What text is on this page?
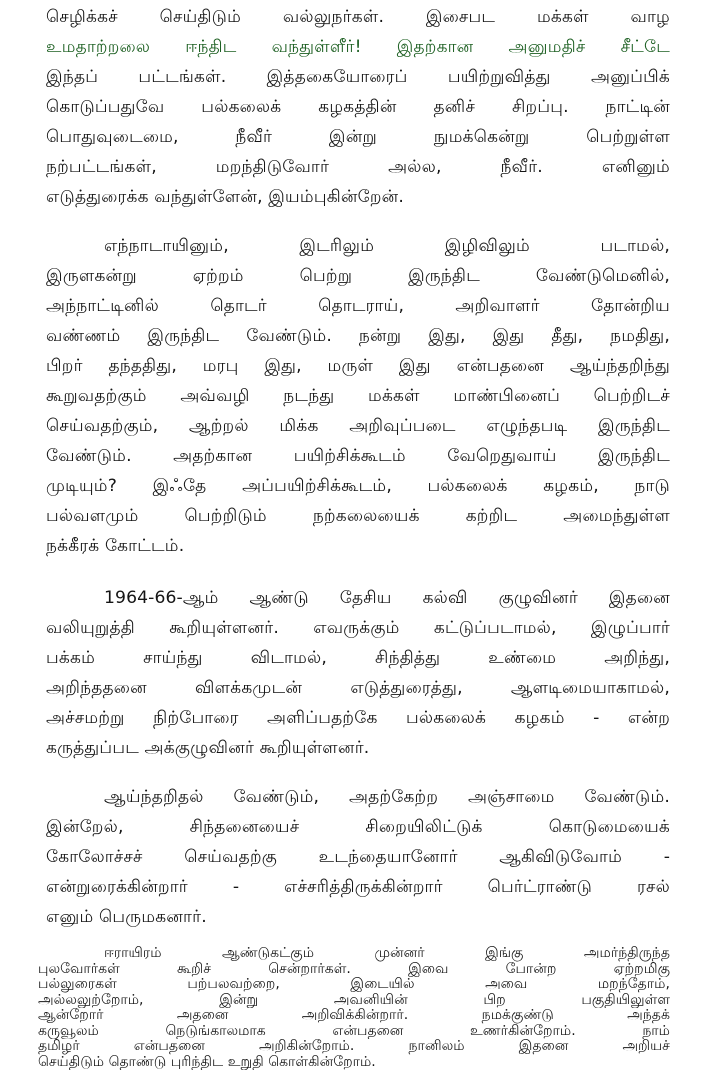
செழிக்கச் செய்திடும் வல்லுநர்கள். இசைபட மக்கள் வாழ
உமதாற்றலை ஈந்திட வந்துள்ளீர்! இதற்கான அனுமதிச் சீட்டே
இந்தப் பட்டங்கள். இத்தகையோரைப் பயிற்றுவித்து அனுப்பிக்
கொடுப்பதுவே பல்கலைக் கழகத்தின் தனிச் சிறப்பு. நாட்டின்
பொதுவுடைமை, நீவீர் இன்று நுமக்கென்று பெற்றுள்ள
நற்பட்டங்கள், மறந்திடுவோர் அல்ல, நீவீர். எனினும்
எடுத்துரைக்க வந்துள்ளேன், இயம்புகின்றேன்.
எந்நாடாயினும், இடரிலும் இழிவிலும் படாமல்,
இருளகன்று ஏற்றம் பெற்று இருந்திட வேண்டுமெனில்,
அந்நாட்டினில் தொடர் தொடராய், அறிவாளர் தோன்றிய
வண்ணம் இருந்திட வேண்டும். நன்று இது, இது தீது, நமதிது,
பிறர் தந்ததிது, மரபு இது, மருள் இது என்பதனை ஆய்ந்தறிந்து
கூறுவதற்கும் அவ்வழி நடந்து மக்கள் மாண்பினைப் பெற்றிடச்
செய்வதற்கும், ஆற்றல் மிக்க அறிவுப்படை எழுந்தபடி இருந்திட
வேண்டும். அதற்கான பயிற்சிக்கூடம் வேறெதுவாய் இருந்திட
முடியும்? இஃதே அப்பயிற்சிக்கூடம், பல்கலைக் கழகம், நாடு
பல்வளமும் பெற்றிடும் நற்கலையைக் கற்றிட அமைந்துள்ள
நக்கீரக் கோட்டம்.
1964-66-ஆம் ஆண்டு தேசிய கல்வி குழுவினர் இதனை
வலியுறுத்தி கூறியுள்ளனர். எவருக்கும் கட்டுப்படாமல், இழுப்பார்
பக்கம் சாய்ந்து விடாமல், சிந்தித்து உண்மை அறிந்து,
அறிந்ததனை விளக்கமுடன் எடுத்துரைத்து, ஆளடிமையாகாமல்,
அச்சமற்று நிற்போரை அளிப்பதற்கே பல்கலைக் கழகம் - என்ற
கருத்துப்பட அக்குழுவினர் கூறியுள்ளனர்.
ஆய்ந்தறிதல் வேண்டும், அதற்கேற்ற அஞ்சாமை வேண்டும்.
இன்றேல், சிந்தனையைச் சிறையிலிட்டுக் கொடுமையைக்
கோலோச்சச் செய்வதற்கு உடந்தையானோர் ஆகிவிடுவோம் -
என்றுரைக்கின்றார் - எச்சரித்திருக்கின்றார் பெர்ட்ராண்டு ரசல்
எனும் பெருமகனார்.
ஈராயிரம் ஆண்டுகட்கும் முன்னர் இங்கு அமர்ந்திருந்த
புலவோர்கள் கூறிச் சென்றார்கள். இவை போன்ற ஏற்றமிகு
பல்லுரைகள் பற்பலவற்றை, இடையில் அவை மறந்தோம்,
அல்லலுற்றோம், இன்று அவனியின் பிற பகுதியிலுள்ள
ஆன்றோர் அதனை அறிவிக்கின்றார். நமக்குண்டு அந்தக்
கருவூலம் நெடுங்காலமாக என்பதனை உணர்கின்றோம். நாம்
தமிழர் என்பதனை அறிகின்றோம். நானிலம் இதனை அறியச்
செய்திடும் தொண்டு புரிந்திட உறுதி கொள்கின்றோம்.
